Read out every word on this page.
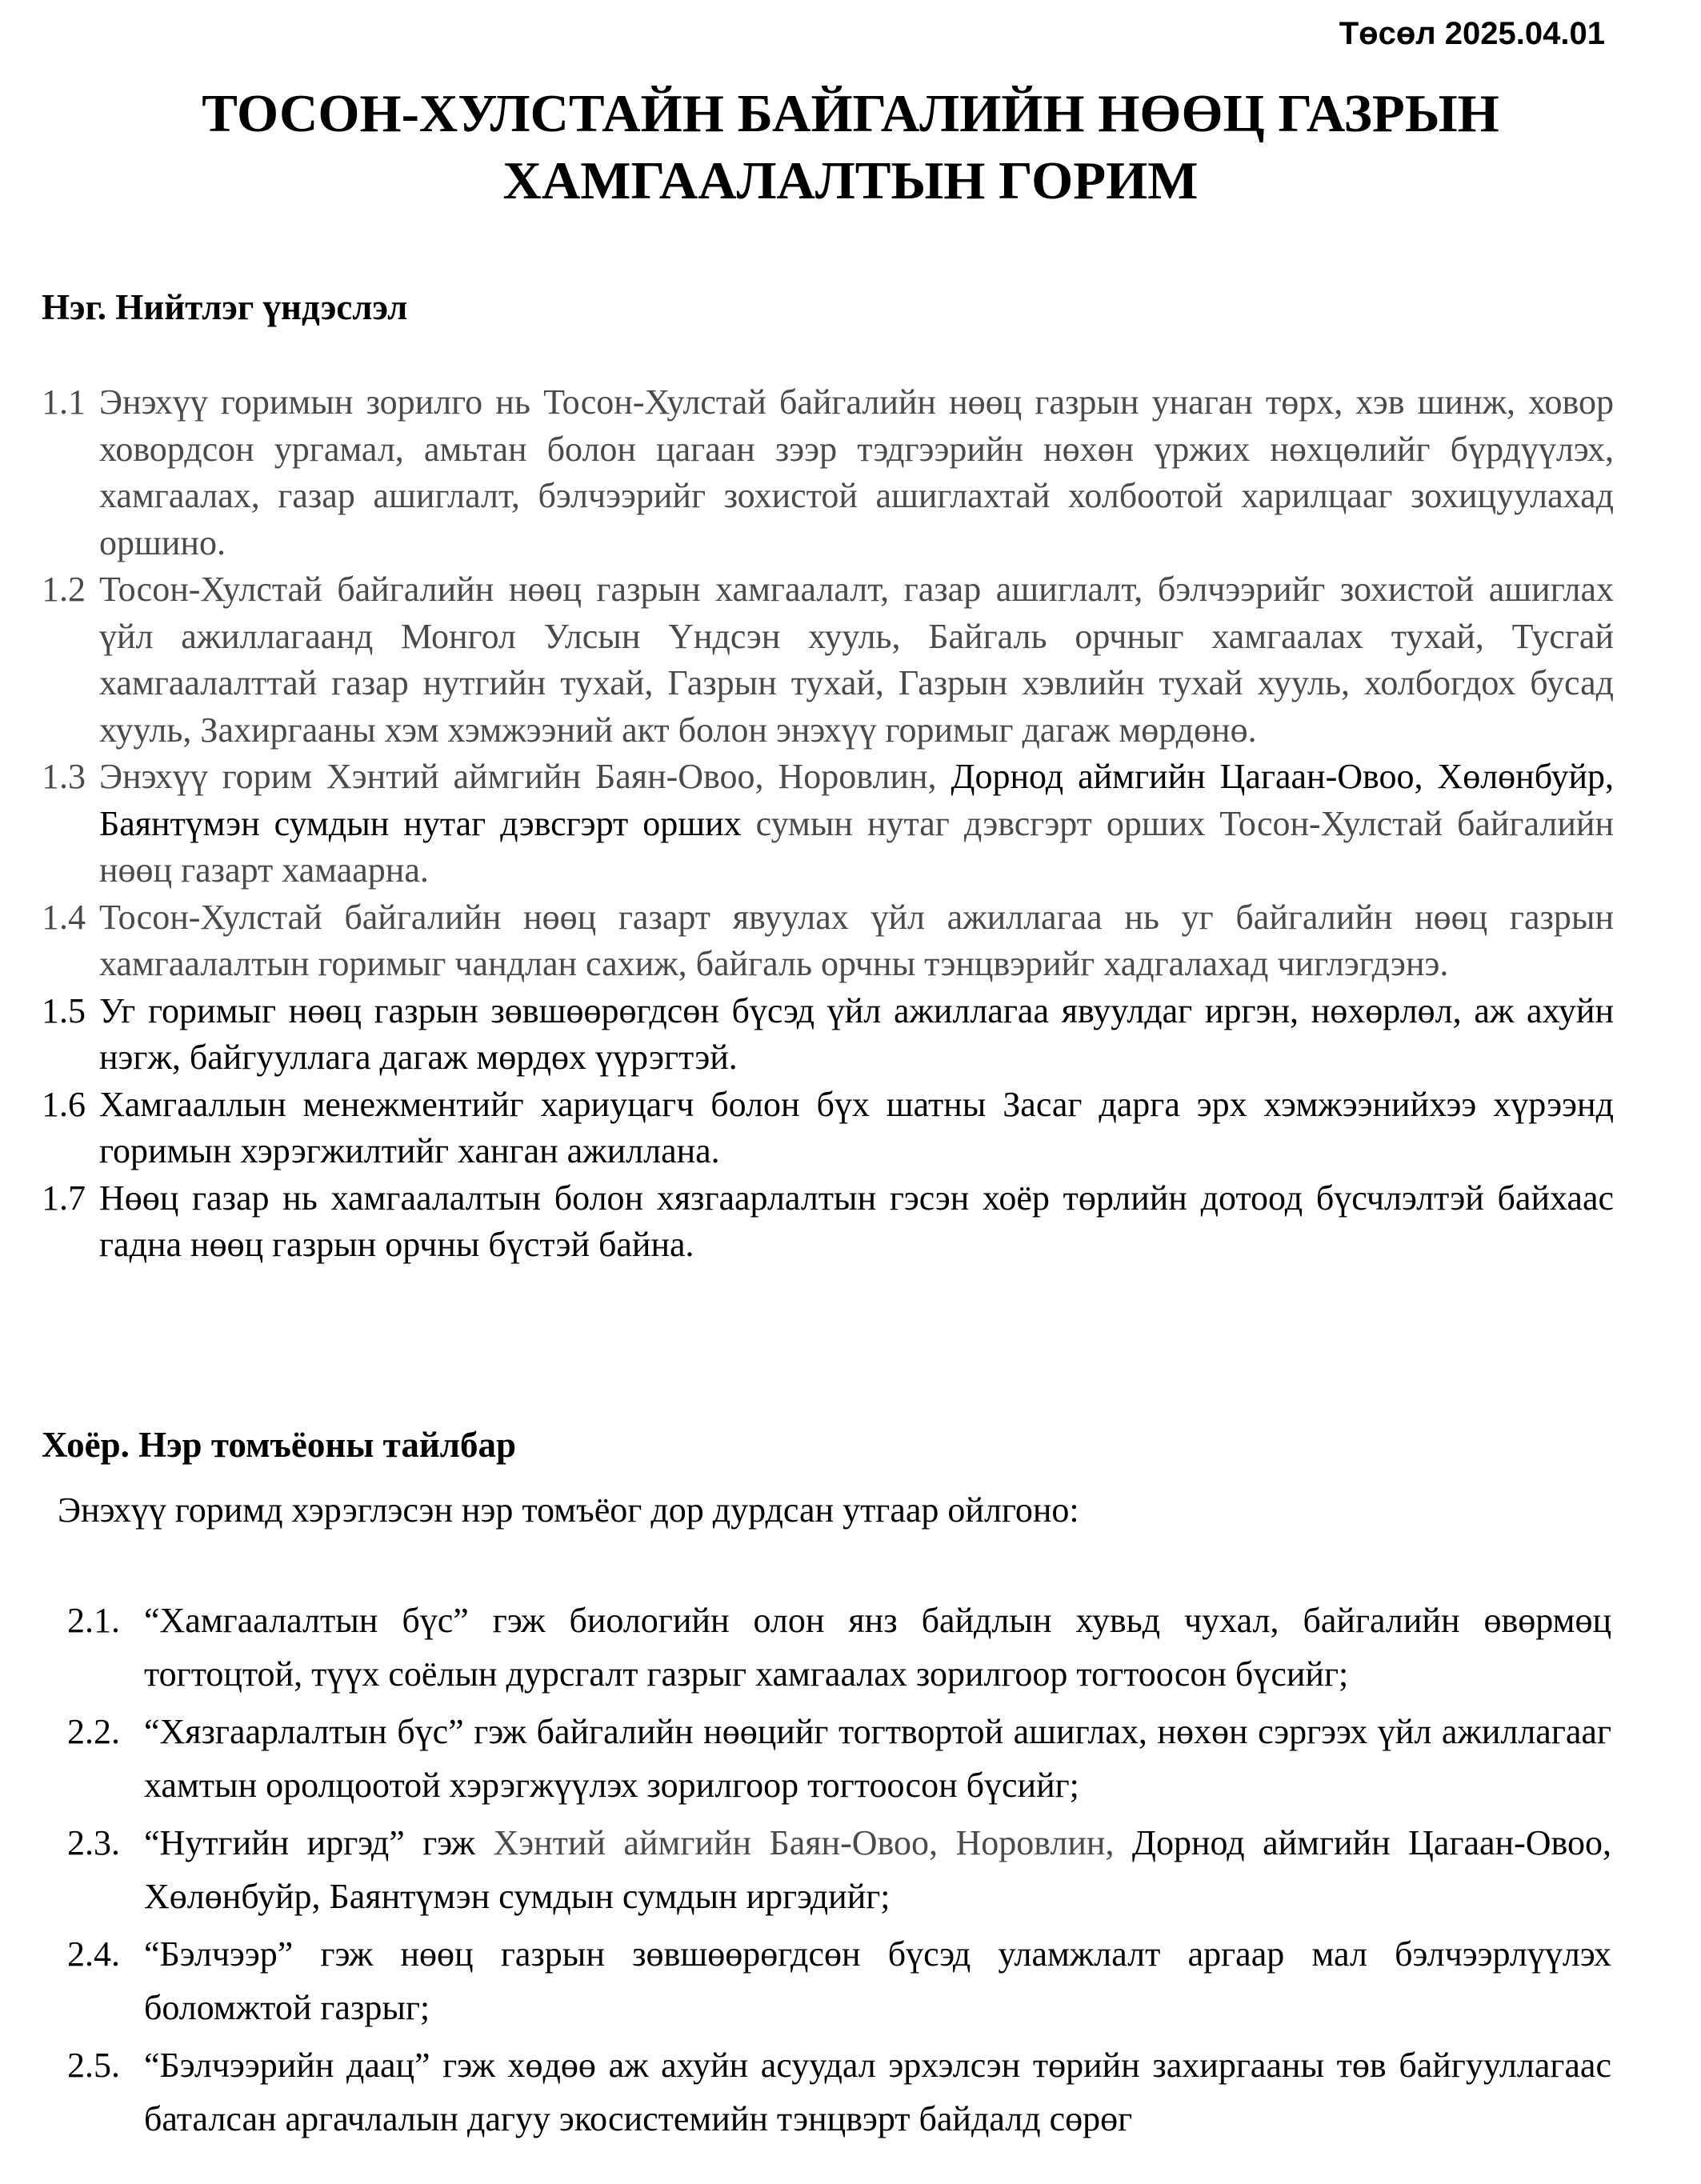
Төсөл 2025.04.01
ТОСОН-ХУЛСТАЙН БАЙГАЛИЙН НӨӨЦ ГАЗРЫН
ХАМГААЛАЛТЫН ГОРИМ
Нэг. Нийтлэг үндэслэл
1.1 Энэхүү горимын зорилго нь Тосон-Хулстай байгалийн нөөц газрын унаган төрх, хэв шинж, ховор ховордсон ургамал, амьтан болон цагаан зээр тэдгээрийн нөхөн үржих нөхцөлийг бүрдүүлэх, хамгаалах, газар ашиглалт, бэлчээрийг зохистой ашиглахтай холбоотой харилцааг зохицуулахад оршино.
1.2 Тосон-Хулстай байгалийн нөөц газрын хамгаалалт, газар ашиглалт, бэлчээрийг зохистой ашиглах үйл ажиллагаанд Монгол Улсын Үндсэн хууль, Байгаль орчныг хамгаалах тухай, Тусгай хамгаалалттай газар нутгийн тухай, Газрын тухай, Газрын хэвлийн тухай хууль, холбогдох бусад хууль, Захиргааны хэм хэмжээний акт болон энэхүү горимыг дагаж мөрдөнө.
1.3 Энэхүү горим Хэнтий аймгийн Баян-Овоо, Норовлин, Дорнод аймгийн Цагаан-Овоо, Хөлөнбуйр, Баянтүмэн сумдын нутаг дэвсгэрт орших сумын нутаг дэвсгэрт орших Тосон-Хулстай байгалийн нөөц газарт хамаарна.
1.4 Тосон-Хулстай байгалийн нөөц газарт явуулах үйл ажиллагаа нь уг байгалийн нөөц газрын хамгаалалтын горимыг чандлан сахиж, байгаль орчны тэнцвэрийг хадгалахад чиглэгдэнэ.
1.5 Уг горимыг нөөц газрын зөвшөөрөгдсөн бүсэд үйл ажиллагаа явуулдаг иргэн, нөхөрлөл, аж ахуйн нэгж, байгууллага дагаж мөрдөх үүрэгтэй.
1.6 Хамгааллын менежментийг хариуцагч болон бүх шатны Засаг дарга эрх хэмжээнийхээ хүрээнд горимын хэрэгжилтийг ханган ажиллана.
1.7 Нөөц газар нь хамгаалалтын болон хязгаарлалтын гэсэн хоёр төрлийн дотоод бүсчлэлтэй байхаас гадна нөөц газрын орчны бүстэй байна.
Хоёр. Нэр томъёоны тайлбар
Энэхүү горимд хэрэглэсэн нэр томъёог дор дурдсан утгаар ойлгоно:
2.1. “Хамгаалалтын бүс” гэж биологийн олон янз байдлын хувьд чухал, байгалийн өвөрмөц тогтоцтой, түүх соёлын дурсгалт газрыг хамгаалах зорилгоор тогтоосон бүсийг;
2.2. “Хязгаарлалтын бүс” гэж байгалийн нөөцийг тогтвортой ашиглах, нөхөн сэргээх үйл ажиллагааг хамтын оролцоотой хэрэгжүүлэх зорилгоор тогтоосон бүсийг;
2.3. “Нутгийн иргэд” гэж Хэнтий аймгийн Баян-Овоо, Норовлин, Дорнод аймгийн Цагаан-Овоо, Хөлөнбуйр, Баянтүмэн сумдын сумдын иргэдийг;
2.4. “Бэлчээр” гэж нөөц газрын зөвшөөрөгдсөн бүсэд уламжлалт аргаар мал бэлчээрлүүлэх боломжтой газрыг;
2.5. “Бэлчээрийн даац” гэж хөдөө аж ахуйн асуудал эрхэлсэн төрийн захиргааны төв байгууллагаас баталсан аргачлалын дагуу экосистемийн тэнцвэрт байдалд сөрөг
